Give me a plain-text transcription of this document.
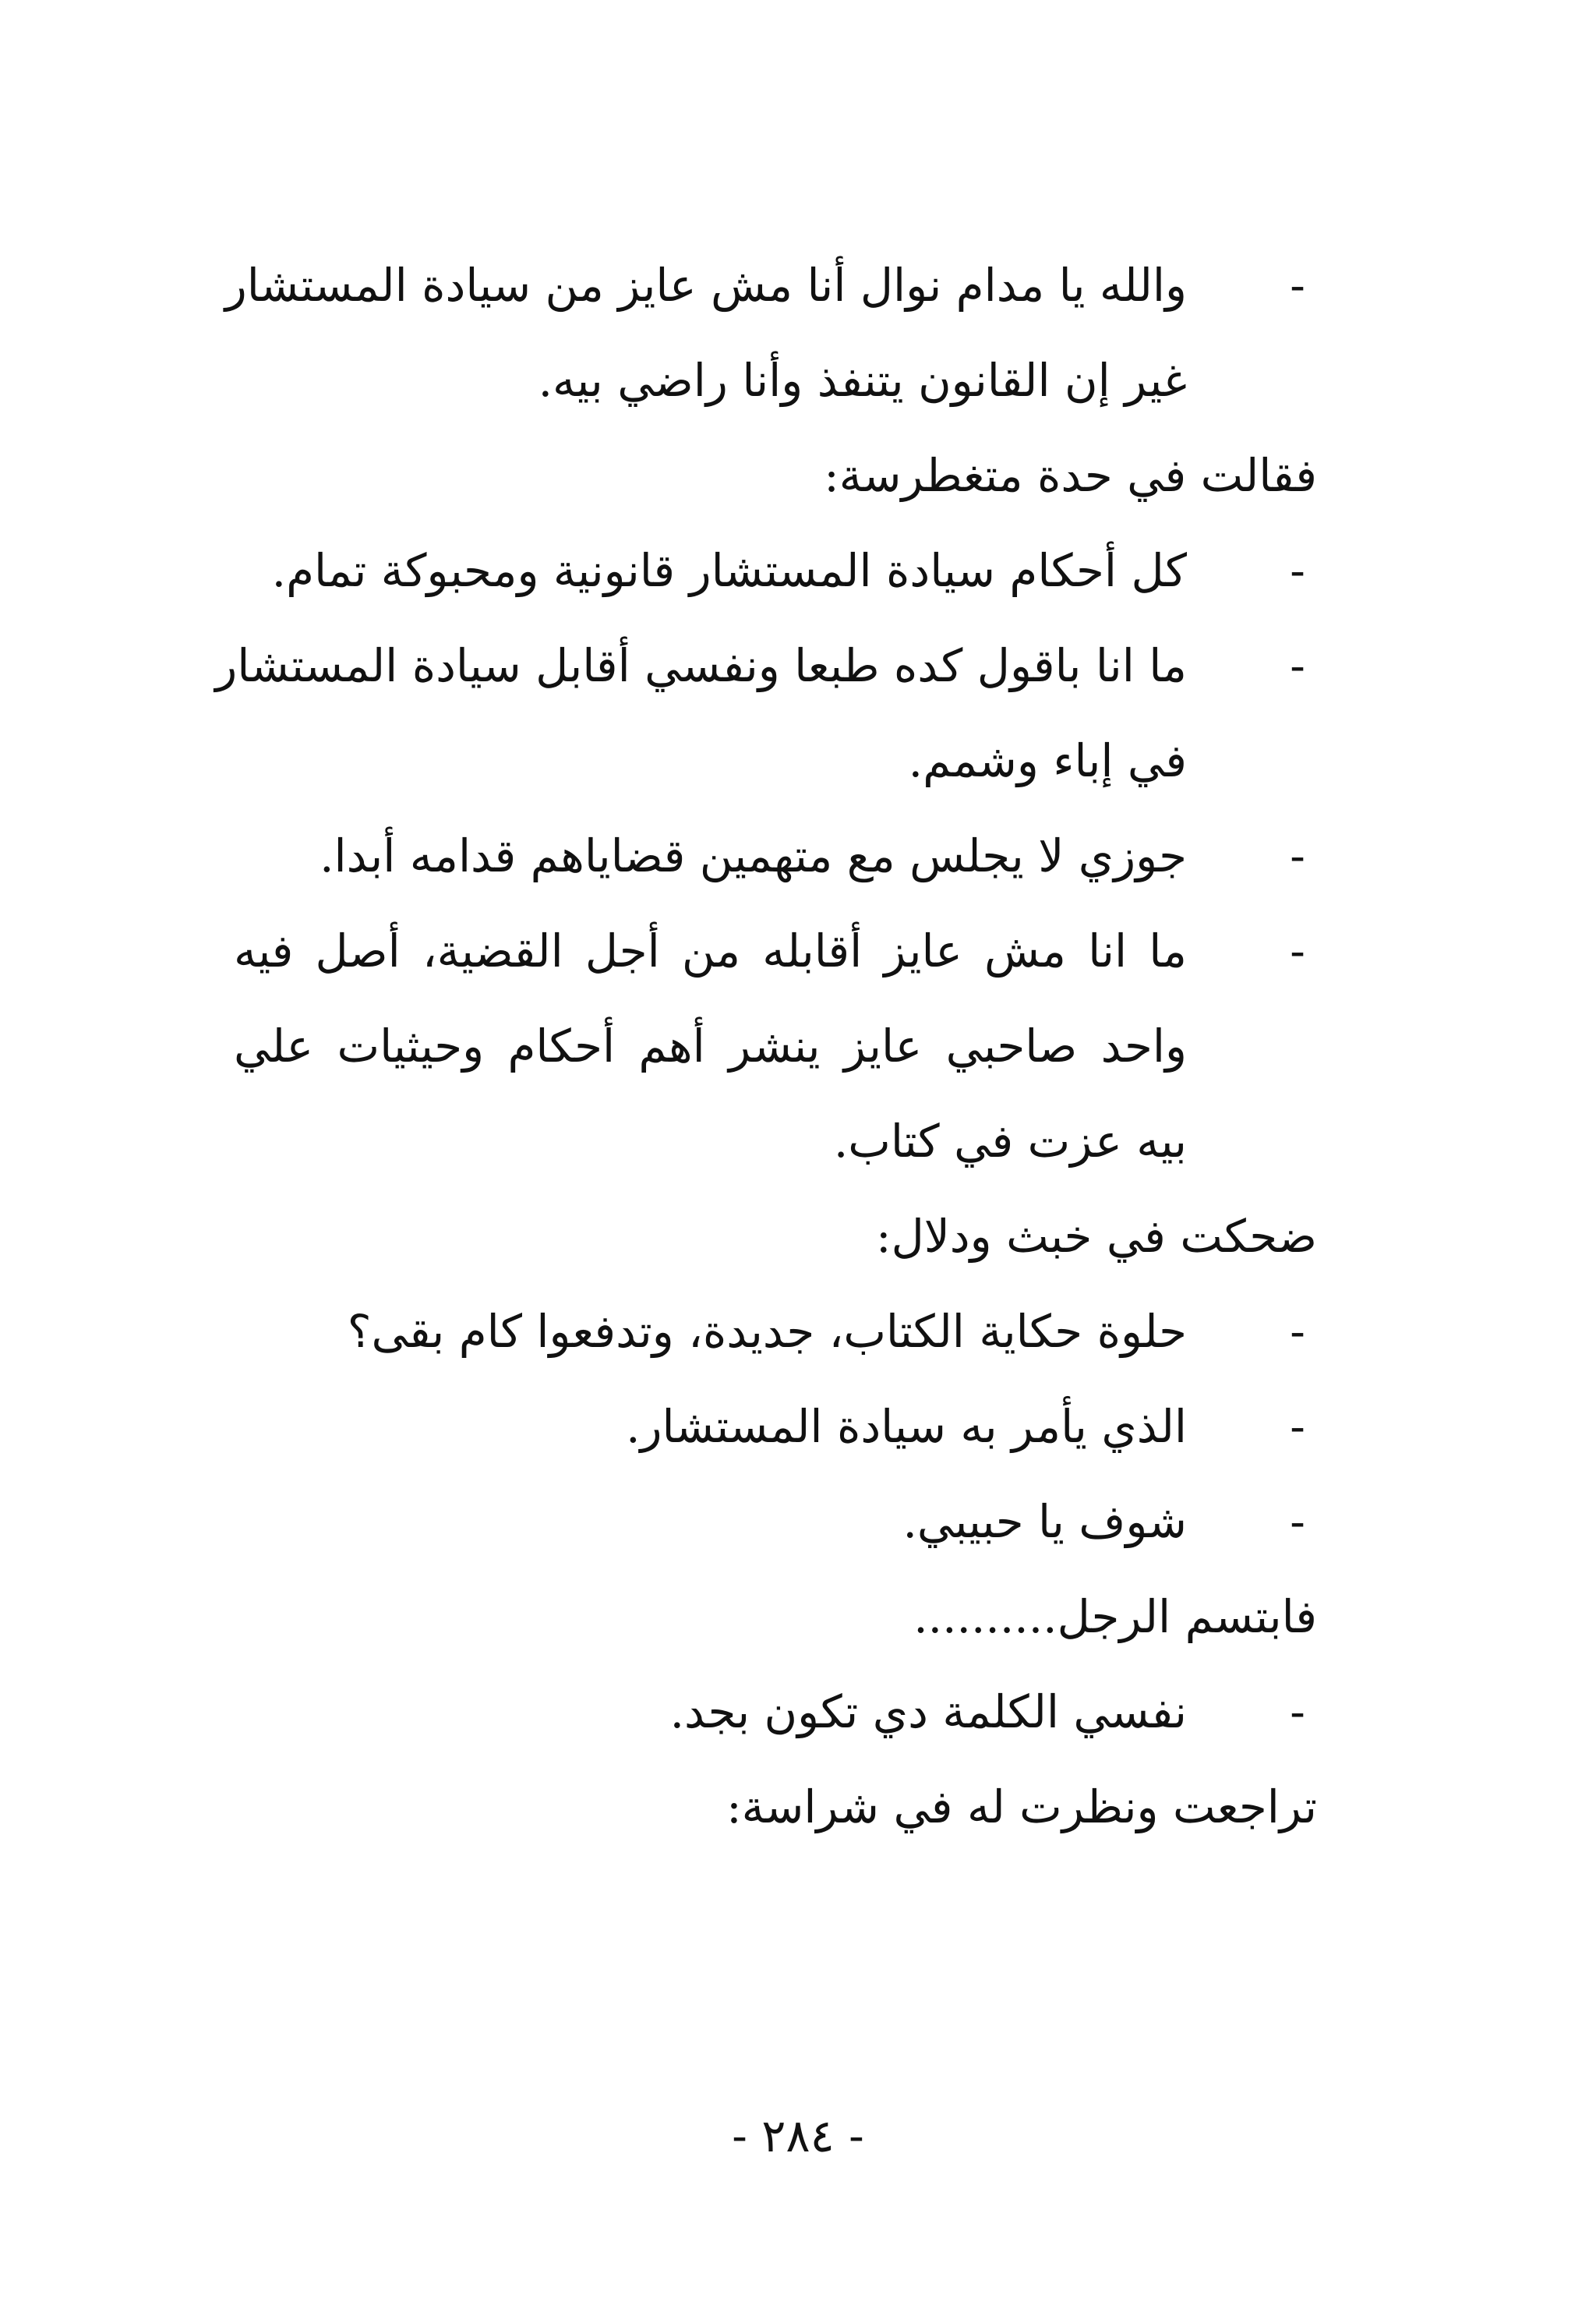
-
والله يا مدام نوال أنا مش عايز من سيادة المستشار
غير إن القانون يتنفذ وأنا راضي بيه.
فقالت في حدة متغطرسة:
-
كل أحكام سيادة المستشار قانونية ومحبوكة تمام.
-
ما انا باقول كده طبعا ونفسي أقابل سيادة المستشار
في إباء وشمم.
-
جوزي لا يجلس مع متهمين قضاياهم قدامه أبدا.
-
ما انا مش عايز أقابله من أجل القضية، أصل فيه
واحد صاحبي عايز ينشر أهم أحكام وحيثيات علي
بيه عزت في كتاب.
ضحكت في خبث ودلال:
-
حلوة حكاية الكتاب، جديدة، وتدفعوا كام بقى؟
-
الذي يأمر به سيادة المستشار.
-
شوف يا حبيبي.
فابتسم الرجل..........
-
نفسي الكلمة دي تكون بجد.
تراجعت ونظرت له في شراسة:
- ٢٨٤ -
